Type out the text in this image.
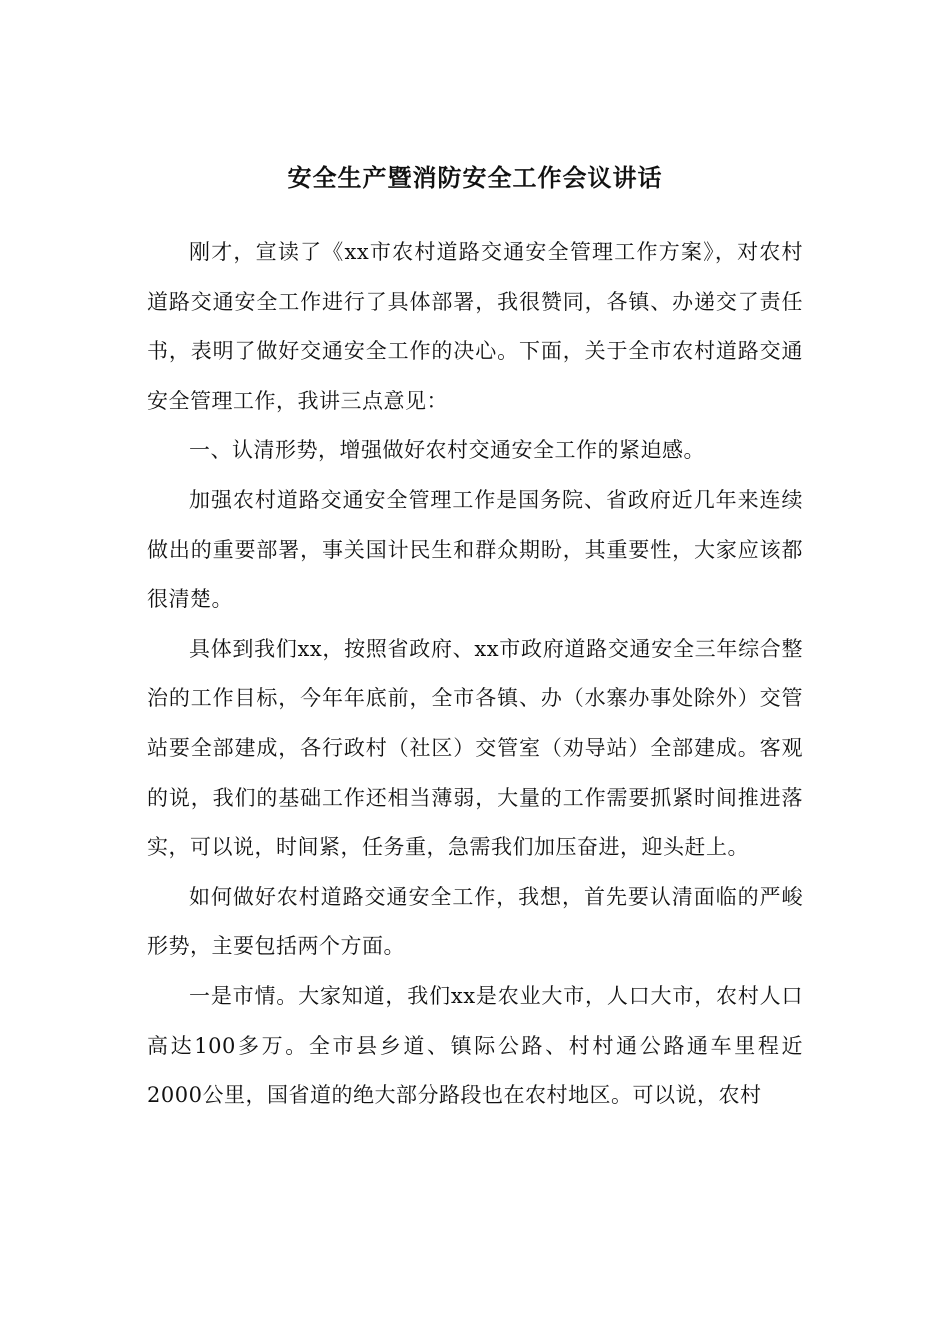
安全生产暨消防安全工作会议讲话

刚才，宣读了《xx市农村道路交通安全管理工作方案》，对农村道路交通安全工作进行了具体部署，我很赞同，各镇、办递交了责任书，表明了做好交通安全工作的决心。下面，关于全市农村道路交通安全管理工作，我讲三点意见：

一、认清形势，增强做好农村交通安全工作的紧迫感。

加强农村道路交通安全管理工作是国务院、省政府近几年来连续做出的重要部署，事关国计民生和群众期盼，其重要性，大家应该都很清楚。

具体到我们xx，按照省政府、xx市政府道路交通安全三年综合整治的工作目标，今年年底前，全市各镇、办（水寨办事处除外）交管站要全部建成，各行政村（社区）交管室（劝导站）全部建成。客观的说，我们的基础工作还相当薄弱，大量的工作需要抓紧时间推进落实，可以说，时间紧，任务重，急需我们加压奋进，迎头赶上。

如何做好农村道路交通安全工作，我想，首先要认清面临的严峻形势，主要包括两个方面。

一是市情。大家知道，我们xx是农业大市，人口大市，农村人口高达100多万。全市县乡道、镇际公路、村村通公路通车里程近2000公里，国省道的绝大部分路段也在农村地区。可以说，农村
